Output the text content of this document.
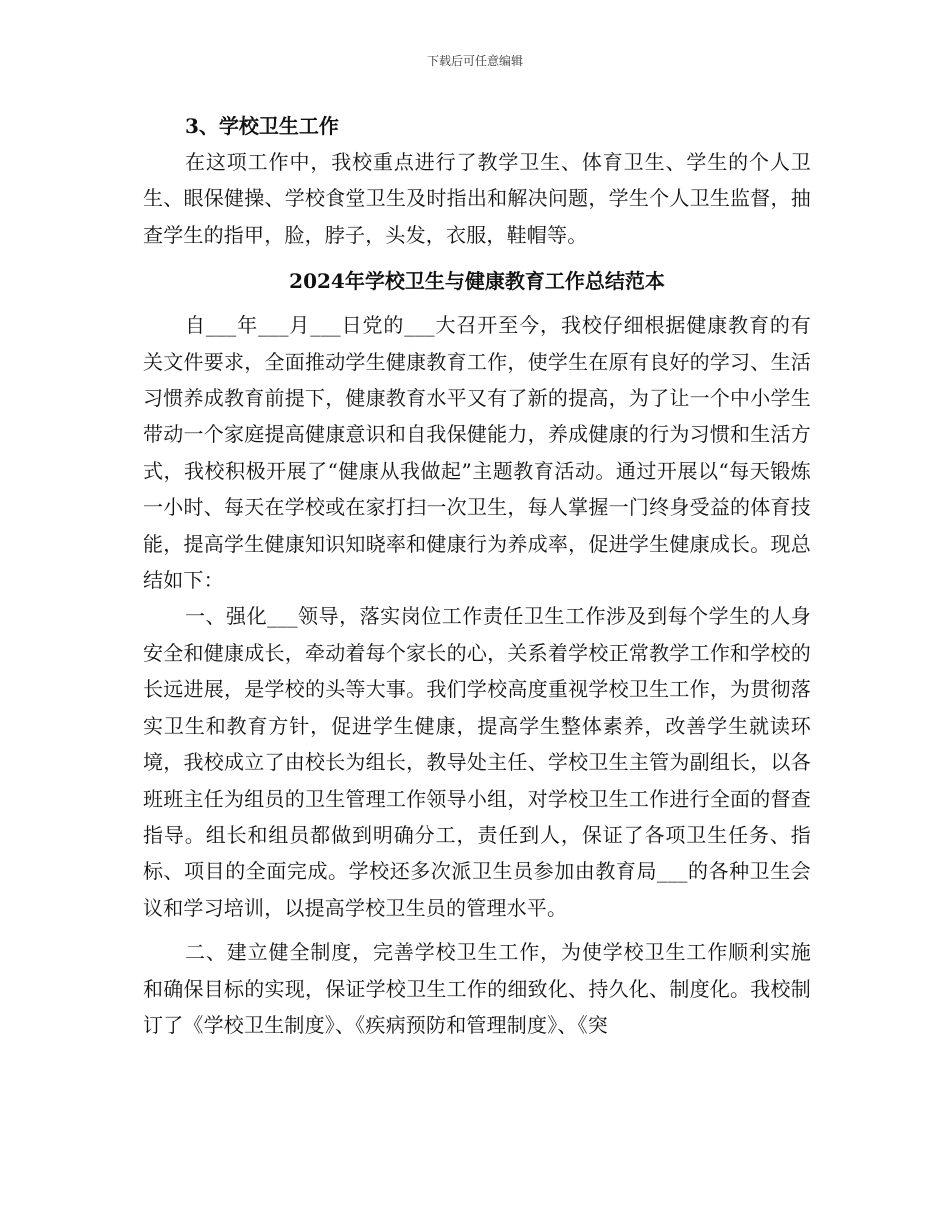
下载后可任意编辑

3、学校卫生工作

在这项工作中，我校重点进行了教学卫生、体育卫生、学生的个人卫生、眼保健操、学校食堂卫生及时指出和解决问题，学生个人卫生监督，抽查学生的指甲，脸，脖子，头发，衣服，鞋帽等。

2024年学校卫生与健康教育工作总结范本

自___年___月___日党的___大召开至今，我校仔细根据健康教育的有关文件要求，全面推动学生健康教育工作，使学生在原有良好的学习、生活习惯养成教育前提下，健康教育水平又有了新的提高，为了让一个中小学生带动一个家庭提高健康意识和自我保健能力，养成健康的行为习惯和生活方式，我校积极开展了“健康从我做起”主题教育活动。通过开展以“每天锻炼一小时、每天在学校或在家打扫一次卫生，每人掌握一门终身受益的体育技能，提高学生健康知识知晓率和健康行为养成率，促进学生健康成长。现总结如下：

一、强化___领导，落实岗位工作责任卫生工作涉及到每个学生的人身安全和健康成长，牵动着每个家长的心，关系着学校正常教学工作和学校的长远进展，是学校的头等大事。我们学校高度重视学校卫生工作，为贯彻落实卫生和教育方针，促进学生健康，提高学生整体素养，改善学生就读环境，我校成立了由校长为组长，教导处主任、学校卫生主管为副组长，以各班班主任为组员的卫生管理工作领导小组，对学校卫生工作进行全面的督查指导。组长和组员都做到明确分工，责任到人，保证了各项卫生任务、指标、项目的全面完成。学校还多次派卫生员参加由教育局___的各种卫生会议和学习培训，以提高学校卫生员的管理水平。

二、建立健全制度，完善学校卫生工作，为使学校卫生工作顺利实施和确保目标的实现，保证学校卫生工作的细致化、持久化、制度化。我校制订了《学校卫生制度》、《疾病预防和管理制度》、《突
